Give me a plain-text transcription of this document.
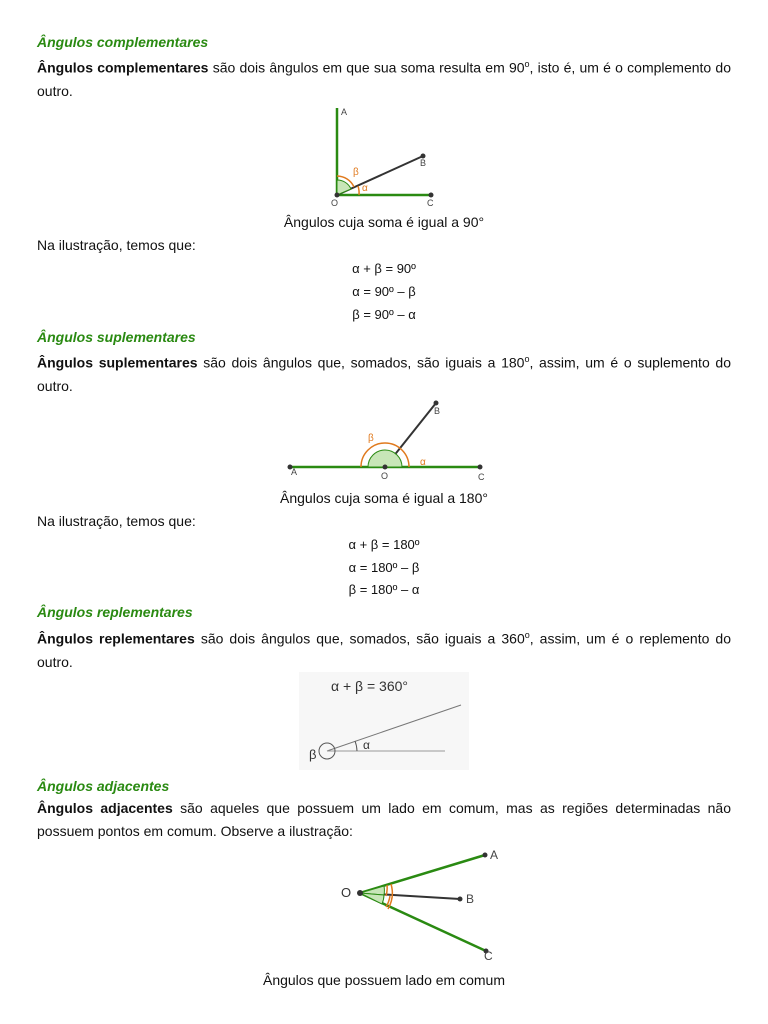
Ângulos complementares
Ângulos complementares são dois ângulos em que sua soma resulta em 90$^o$, isto é, um é o complemento do outro.
A
B
O	C
β
α
Ângulos cuja soma é igual a 90°
Na ilustração, temos que:
α + β = 90º
α = 90º – β
β = 90º – α
Ângulos suplementares
Ângulos suplementares são dois ângulos que, somados, são iguais a 180$^o$, assim, um é o suplemento do outro.
A
B
O	C
β
α
Ângulos cuja soma é igual a 180°
Na ilustração, temos que:
α + β = 180º
α = 180º – β
β = 180º – α
Ângulos replementares
Ângulos replementares são dois ângulos que, somados, são iguais a 360$^o$, assim, um é o replemento do outro.
α + β = 360°
β
α
Ângulos adjacentes
Ângulos adjacentes são aqueles que possuem um lado em comum, mas as regiões determinadas não possuem pontos em comum. Observe a ilustração:
O
A
B
C
Ângulos que possuem lado em comum
